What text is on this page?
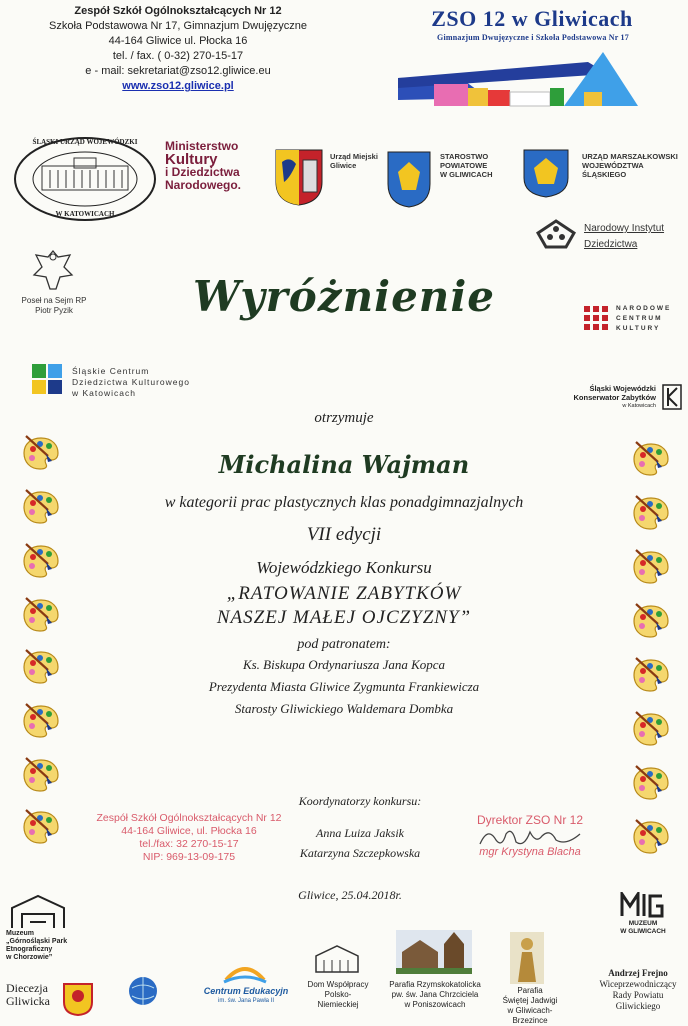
Zespół Szkół Ogólnokształcących Nr 12
Szkoła Podstawowa Nr 17, Gimnazjum Dwujęzyczne
44-164 Gliwice ul. Płocka 16
tel. / fax. ( 0-32) 270-15-17
e - mail: sekretariat@zso12.gliwice.eu
www.zso12.gliwice.pl
ZSO 12 w Gliwicach
Gimnazjum Dwujęzyczne i Szkoła Podstawowa Nr 17
ŚLĄSKI URZĄD WOJEWÓDZKI
W KATOWICACH
Ministerstwo
Kultury
i Dziedzictwa
Narodowego.
Urząd Miejski
Gliwice
STAROSTWO
POWIATOWE
W GLIWICACH
URZĄD MARSZAŁKOWSKI
WOJEWÓDZTWA
ŚLĄSKIEGO
Narodowy Instytut
Dziedzictwa
Poseł na Sejm RP
Piotr Pyzik	NARODOWE
CENTRUM
KULTURY
Wyróżnienie
Śląskie Centrum
Dziedzictwa Kulturowego
w Katowicach	Śląski Wojewódzki
Konserwator Zabytków
w Katowicach
otrzymuje
Michalina Wajman
w kategorii prac plastycznych klas ponadgimnazjalnych
VII edycji
Wojewódzkiego Konkursu
„RATOWANIE ZABYTKÓW
NASZEJ MAŁEJ OJCZYZNY”
pod patronatem:
Ks. Biskupa Ordynariusza Jana Kopca
Prezydenta Miasta Gliwice Zygmunta Frankiewicza
Starosty Gliwickiego Waldemara Dombka
Koordynatorzy konkursu:
Anna Luiza Jaksik
Katarzyna Szczepkowska
Zespół Szkół Ogólnokształcących Nr 12
44-164 Gliwice, ul. Płocka 16
tel./fax: 32 270-15-17
NIP: 969-13-09-175
Dyrektor ZSO Nr 12
mgr Krystyna Blacha
Gliwice, 25.04.2018r.
Muzeum
„Górnośląski Park
Etnograficzny
w Chorzowie”
Diecezja
Gliwicka
Centrum Edukacyjn
im. św. Jana Pawła II
Dom Współpracy
Polsko-
Niemieckiej
Parafia Rzymskokatolicka
pw. św. Jana Chrzciciela
w Poniszowicach
Parafia
Świętej Jadwigi
w Gliwicach-
Brzezince
MUZEUM
W GLIWICACH
Andrzej Frejno
Wiceprzewodniczący
Rady Powiatu
Gliwickiego
